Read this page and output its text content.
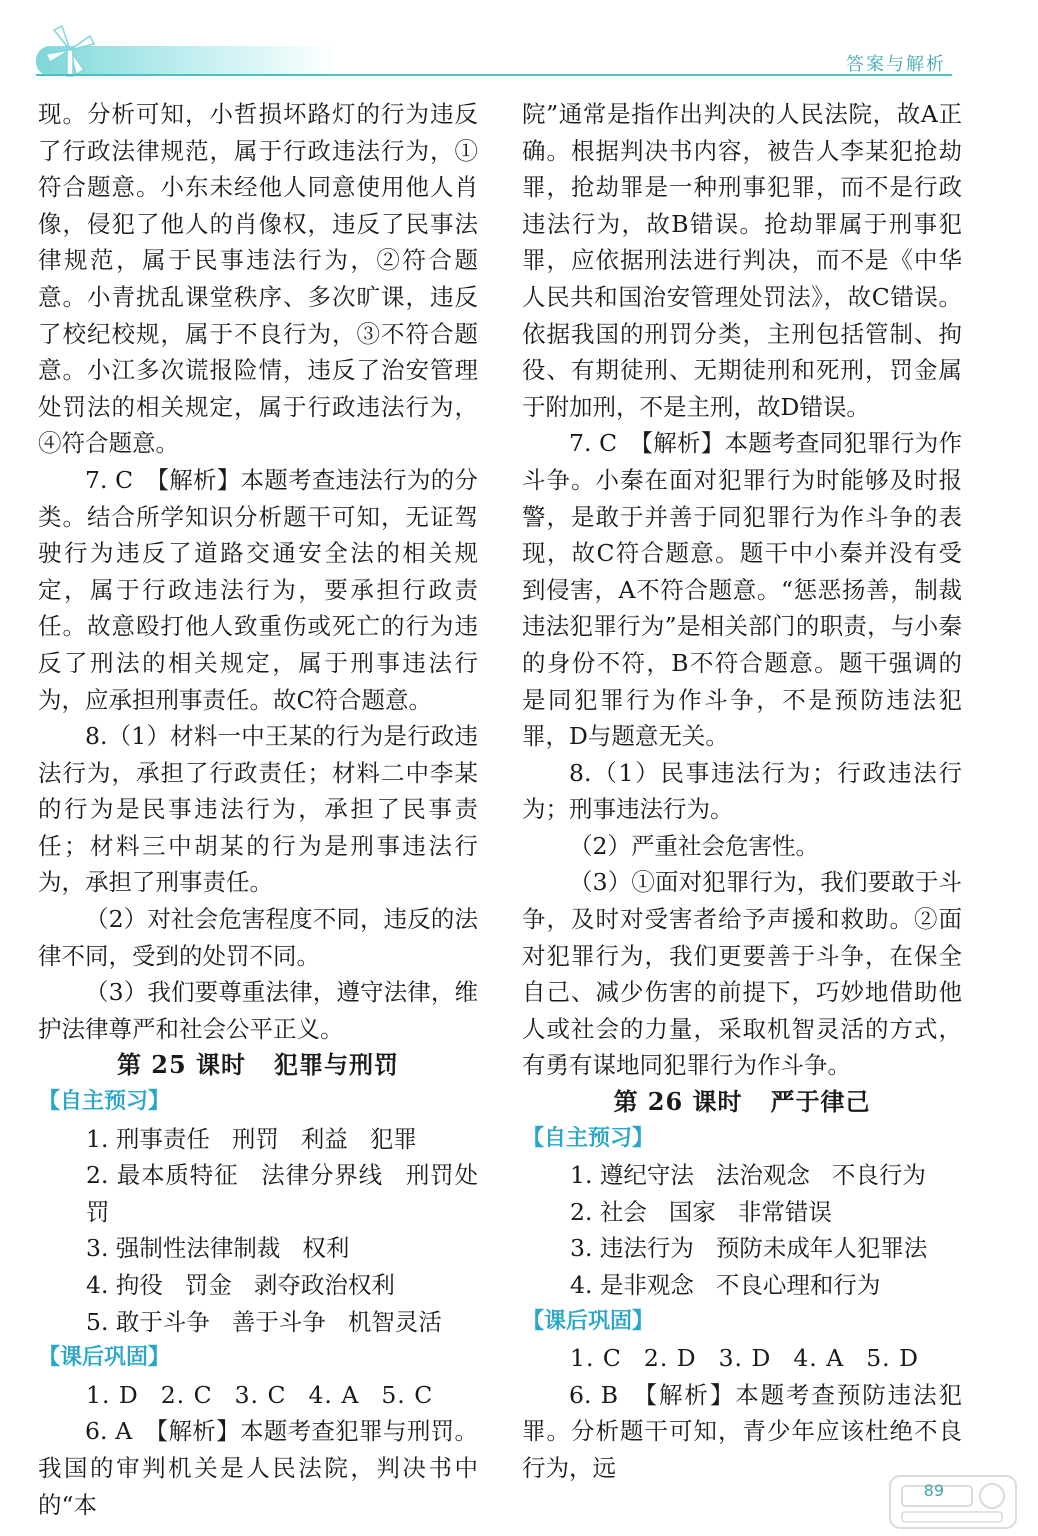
答案与解析

现。分析可知，小哲损坏路灯的行为违反了行政法律规范，属于行政违法行为，①符合题意。小东未经他人同意使用他人肖像，侵犯了他人的肖像权，违反了民事法律规范，属于民事违法行为，②符合题意。小青扰乱课堂秩序、多次旷课，违反了校纪校规，属于不良行为，③不符合题意。小江多次谎报险情，违反了治安管理处罚法的相关规定，属于行政违法行为，④符合题意。

7. C　【解析】本题考查违法行为的分类。结合所学知识分析题干可知，无证驾驶行为违反了道路交通安全法的相关规定，属于行政违法行为，要承担行政责任。故意殴打他人致重伤或死亡的行为违反了刑法的相关规定，属于刑事违法行为，应承担刑事责任。故C符合题意。

8.（1）材料一中王某的行为是行政违法行为，承担了行政责任；材料二中李某的行为是民事违法行为，承担了民事责任；材料三中胡某的行为是刑事违法行为，承担了刑事责任。

（2）对社会危害程度不同，违反的法律不同，受到的处罚不同。

（3）我们要尊重法律，遵守法律，维护法律尊严和社会公平正义。

第 25 课时 犯罪与刑罚
【自主预习】

1. 刑事责任 刑罚 利益 犯罪

2. 最本质特征 法律分界线 刑罚处罚

3. 强制性法律制裁 权利

4. 拘役 罚金 剥夺政治权利

5. 敢于斗争 善于斗争 机智灵活

【课后巩固】

1. D 2. C 3. C 4. A 5. C

6. A　【解析】本题考查犯罪与刑罚。我国的审判机关是人民法院，判决书中的“本

院”通常是指作出判决的人民法院，故A正确。根据判决书内容，被告人李某犯抢劫罪，抢劫罪是一种刑事犯罪，而不是行政违法行为，故B错误。抢劫罪属于刑事犯罪，应依据刑法进行判决，而不是《中华人民共和国治安管理处罚法》，故C错误。依据我国的刑罚分类，主刑包括管制、拘役、有期徒刑、无期徒刑和死刑，罚金属于附加刑，不是主刑，故D错误。

7. C　【解析】本题考查同犯罪行为作斗争。小秦在面对犯罪行为时能够及时报警，是敢于并善于同犯罪行为作斗争的表现，故C符合题意。题干中小秦并没有受到侵害，A不符合题意。“惩恶扬善，制裁违法犯罪行为”是相关部门的职责，与小秦的身份不符，B不符合题意。题干强调的是同犯罪行为作斗争，不是预防违法犯罪，D与题意无关。

8.（1）民事违法行为；行政违法行为；刑事违法行为。

（2）严重社会危害性。

（3）①面对犯罪行为，我们要敢于斗争，及时对受害者给予声援和救助。②面对犯罪行为，我们更要善于斗争，在保全自己、减少伤害的前提下，巧妙地借助他人或社会的力量，采取机智灵活的方式，有勇有谋地同犯罪行为作斗争。

第 26 课时 严于律己
【自主预习】

1. 遵纪守法 法治观念 不良行为

2. 社会 国家 非常错误

3. 违法行为 预防未成年人犯罪法

4. 是非观念 不良心理和行为

【课后巩固】

1. C 2. D 3. D 4. A 5. D

6. B　【解析】本题考查预防违法犯罪。分析题干可知，青少年应该杜绝不良行为，远

89
